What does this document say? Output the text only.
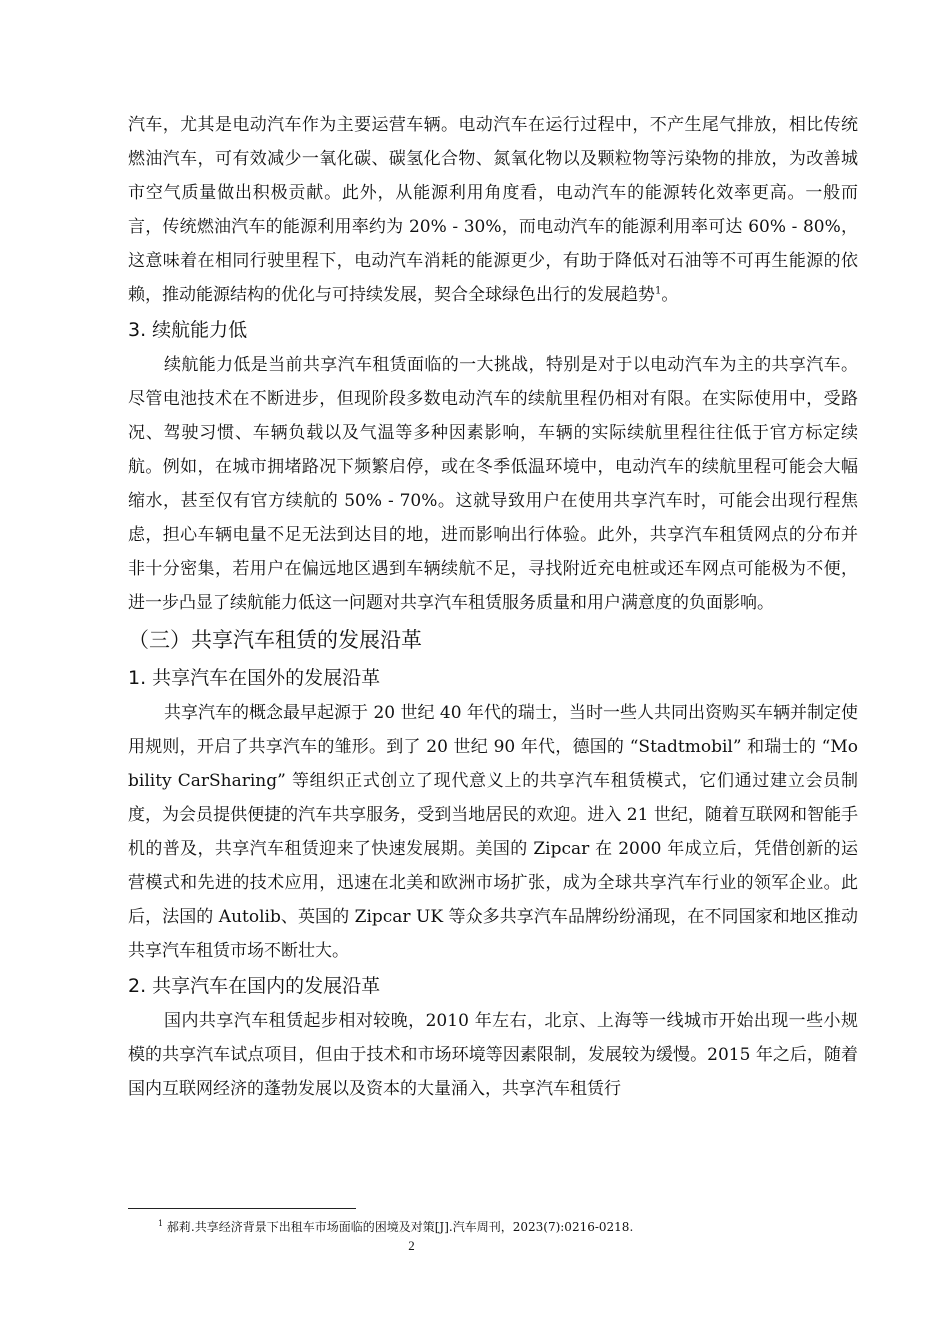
汽车，尤其是电动汽车作为主要运营车辆。电动汽车在运行过程中，不产生尾气排放，相比传统燃油汽车，可有效减少一氧化碳、碳氢化合物、氮氧化物以及颗粒物等污染物的排放，为改善城市空气质量做出积极贡献。此外，从能源利用角度看，电动汽车的能源转化效率更高。一般而言，传统燃油汽车的能源利用率约为 20% - 30%，而电动汽车的能源利用率可达 60% - 80%，这意味着在相同行驶里程下，电动汽车消耗的能源更少，有助于降低对石油等不可再生能源的依赖，推动能源结构的优化与可持续发展，契合全球绿色出行的发展趋势$^1$。

3. 续航能力低

续航能力低是当前共享汽车租赁面临的一大挑战，特别是对于以电动汽车为主的共享汽车。尽管电池技术在不断进步，但现阶段多数电动汽车的续航里程仍相对有限。在实际使用中，受路况、驾驶习惯、车辆负载以及气温等多种因素影响，车辆的实际续航里程往往低于官方标定续航。例如，在城市拥堵路况下频繁启停，或在冬季低温环境中，电动汽车的续航里程可能会大幅缩水，甚至仅有官方续航的 50% - 70%。这就导致用户在使用共享汽车时，可能会出现行程焦虑，担心车辆电量不足无法到达目的地，进而影响出行体验。此外，共享汽车租赁网点的分布并非十分密集，若用户在偏远地区遇到车辆续航不足，寻找附近充电桩或还车网点可能极为不便，进一步凸显了续航能力低这一问题对共享汽车租赁服务质量和用户满意度的负面影响。

（三）共享汽车租赁的发展沿革
1. 共享汽车在国外的发展沿革

共享汽车的概念最早起源于 20 世纪 40 年代的瑞士，当时一些人共同出资购买车辆并制定使用规则，开启了共享汽车的雏形。到了 20 世纪 90 年代，德国的 “Stadtmobil” 和瑞士的 “Mobility CarSharing” 等组织正式创立了现代意义上的共享汽车租赁模式，它们通过建立会员制度，为会员提供便捷的汽车共享服务，受到当地居民的欢迎。进入 21 世纪，随着互联网和智能手机的普及，共享汽车租赁迎来了快速发展期。美国的 Zipcar 在 2000 年成立后，凭借创新的运营模式和先进的技术应用，迅速在北美和欧洲市场扩张，成为全球共享汽车行业的领军企业。此后，法国的 Autolib、英国的 Zipcar UK 等众多共享汽车品牌纷纷涌现，在不同国家和地区推动共享汽车租赁市场不断壮大。

2. 共享汽车在国内的发展沿革

国内共享汽车租赁起步相对较晚，2010 年左右，北京、上海等一线城市开始出现一些小规模的共享汽车试点项目，但由于技术和市场环境等因素限制，发展较为缓慢。2015 年之后，随着国内互联网经济的蓬勃发展以及资本的大量涌入，共享汽车租赁行

$^1$ 郝莉.共享经济背景下出租车市场面临的困境及对策[J].汽车周刊，2023(7):0216-0218.
2
